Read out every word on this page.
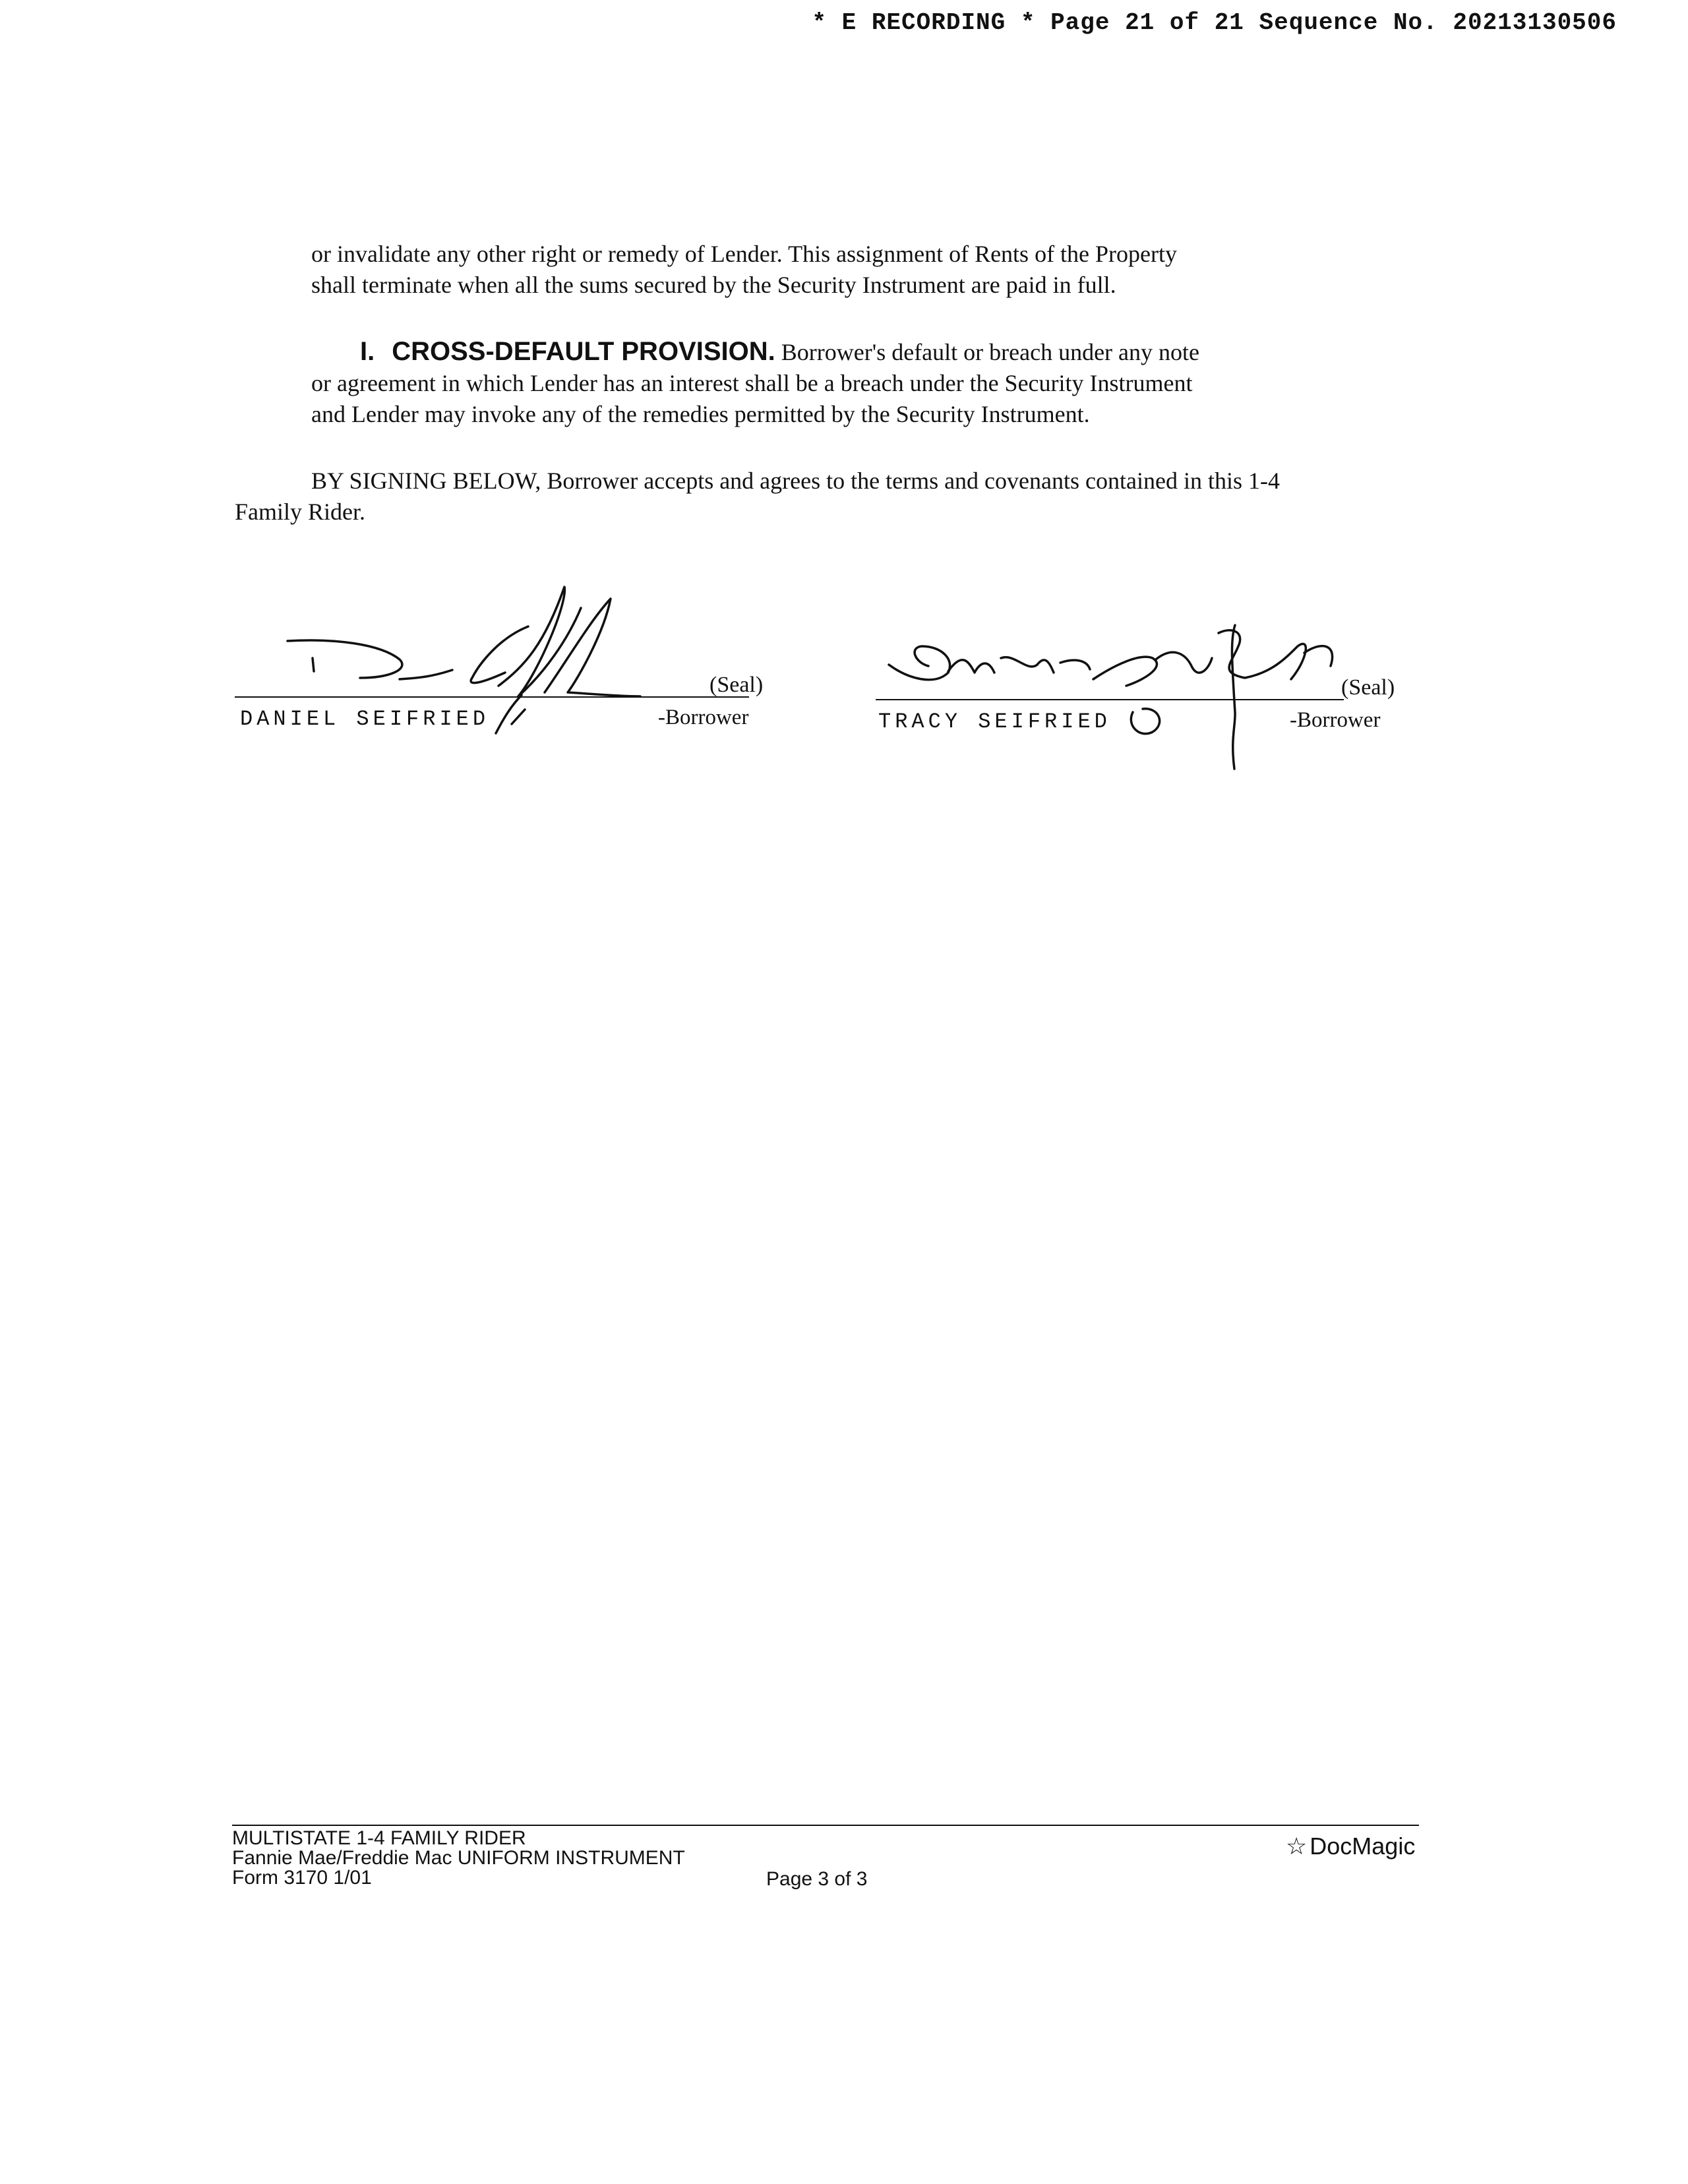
* E RECORDING * Page 21 of 21 Sequence No. 20213130506

or invalidate any other right or remedy of Lender. This assignment of Rents of the Property
shall terminate when all the sums secured by the Security Instrument are paid in full.

I. CROSS-DEFAULT PROVISION. Borrower's default or breach under any note
or agreement in which Lender has an interest shall be a breach under the Security Instrument
and Lender may invoke any of the remedies permitted by the Security Instrument.

BY SIGNING BELOW, Borrower accepts and agrees to the terms and covenants contained in this 1-4
Family Rider.

(Seal)
DANIEL SEIFRIED	-Borrower
(Seal)
TRACY SEIFRIED	-Borrower
MULTISTATE 1-4 FAMILY RIDER
Fannie Mae/Freddie Mac UNIFORM INSTRUMENT
Form 3170 1/01	Page 3 of 3
☆ DocMagic
